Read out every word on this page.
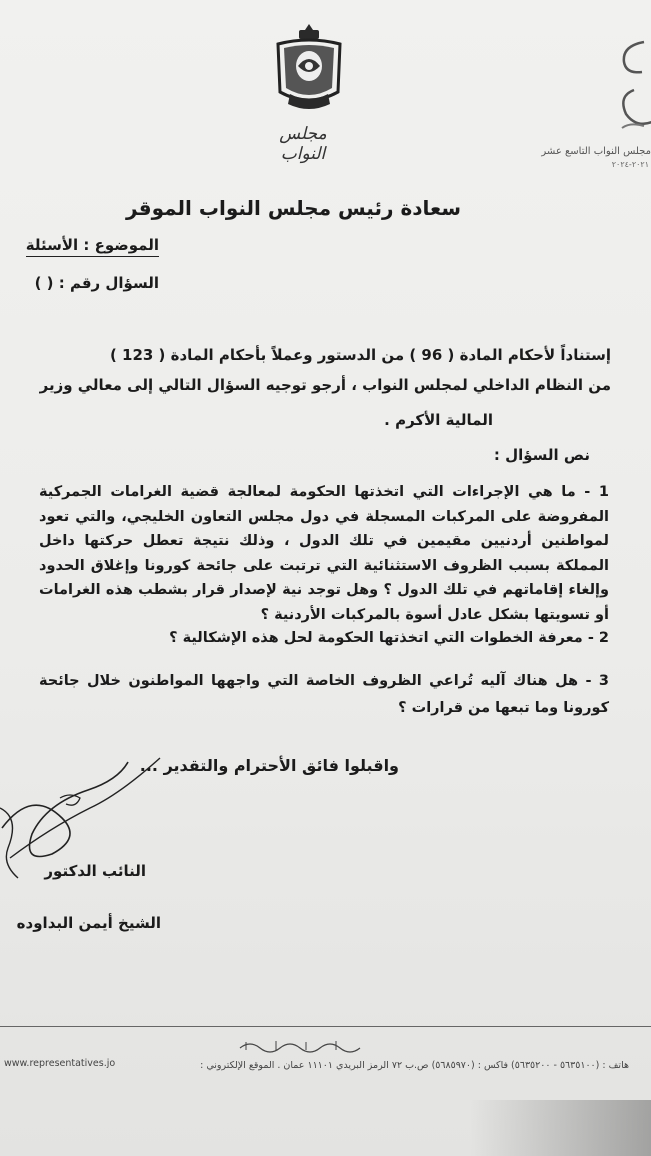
مجلس النواب	مجلس النواب التاسع عشر
٢٠٢١-٢٠٢٤
سعادة رئيس مجلس النواب الموقر
الموضوع : الأسئلة
السؤال رقم : ( )
إستناداً لأحكام المادة ( 96 ) من الدستور وعملاً بأحكام المادة ( 123 )
من النظام الداخلي لمجلس النواب ، أرجو توجيه السؤال التالي إلى معالي وزير
المالية الأكرم .
نص السؤال :
1 - ما هي الإجراءات التي اتخذتها الحكومة لمعالجة قضية الغرامات الجمركية المفروضة على المركبات المسجلة في دول مجلس التعاون الخليجي، والتي تعود لمواطنين أردنيين مقيمين في تلك الدول ، وذلك نتيجة تعطل حركتها داخل المملكة بسبب الظروف الاستثنائية التي ترتبت على جائحة كورونا وإغلاق الحدود وإلغاء إقاماتهم في تلك الدول ؟ وهل توجد نية لإصدار قرار بشطب هذه الغرامات أو تسويتها بشكل عادل أسوة بالمركبات الأردنية ؟
2 - معرفة الخطوات التي اتخذتها الحكومة لحل هذه الإشكالية ؟
3 - هل هناك آليه تُراعي الظروف الخاصة التي واجهها المواطنون خلال جائحة كورونا وما تبعها من قرارات ؟
واقبلوا فائق الأحترام والتقدير ...
النائب الدكتور
الشيخ أيمن البداوده
هاتف : (٥٦٣٥١٠٠ - ٥٦٣٥٢٠٠) فاكس : (٥٦٨٥٩٧٠) ص.ب ٧٢ الرمز البريدي ١١١٠١ عمان . الموقع الإلكتروني :
www.representatives.jo
